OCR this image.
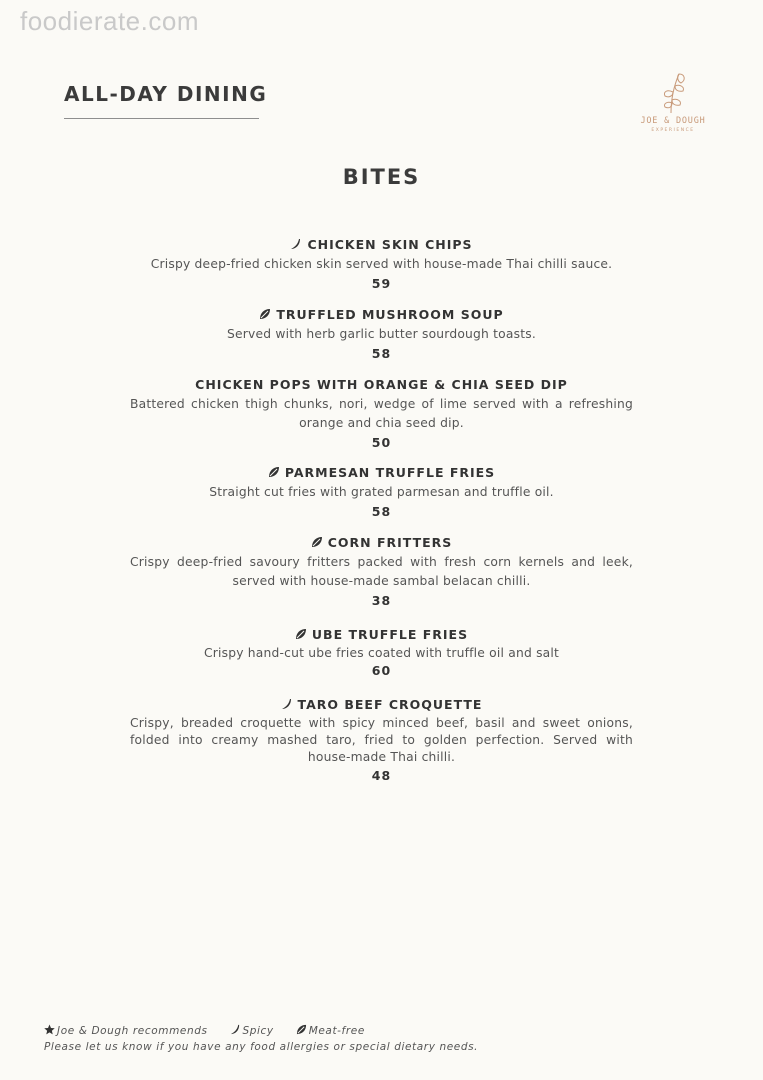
foodierate.com
ALL-DAY DINING
JOE & DOUGH
EXPERIENCE
BITES
CHICKEN SKIN CHIPS
Crispy deep-fried chicken skin served with house-made Thai chilli sauce.
59
TRUFFLED MUSHROOM SOUP
Served with herb garlic butter sourdough toasts.
58
CHICKEN POPS WITH ORANGE & CHIA SEED DIP
Battered chicken thigh chunks, nori, wedge of lime served with a refreshing orange and chia seed dip.
50
PARMESAN TRUFFLE FRIES
Straight cut fries with grated parmesan and truffle oil.
58
CORN FRITTERS
Crispy deep-fried savoury fritters packed with fresh corn kernels and leek, served with house-made sambal belacan chilli.
38
UBE TRUFFLE FRIES
Crispy hand-cut ube fries coated with truffle oil and salt
60
TARO BEEF CROQUETTE
Crispy, breaded croquette with spicy minced beef, basil and sweet onions, folded into creamy mashed taro, fried to golden perfection. Served with house-made Thai chilli.
48
Joe & Dough recommends	Spicy	Meat-free
Please let us know if you have any food allergies or special dietary needs.
